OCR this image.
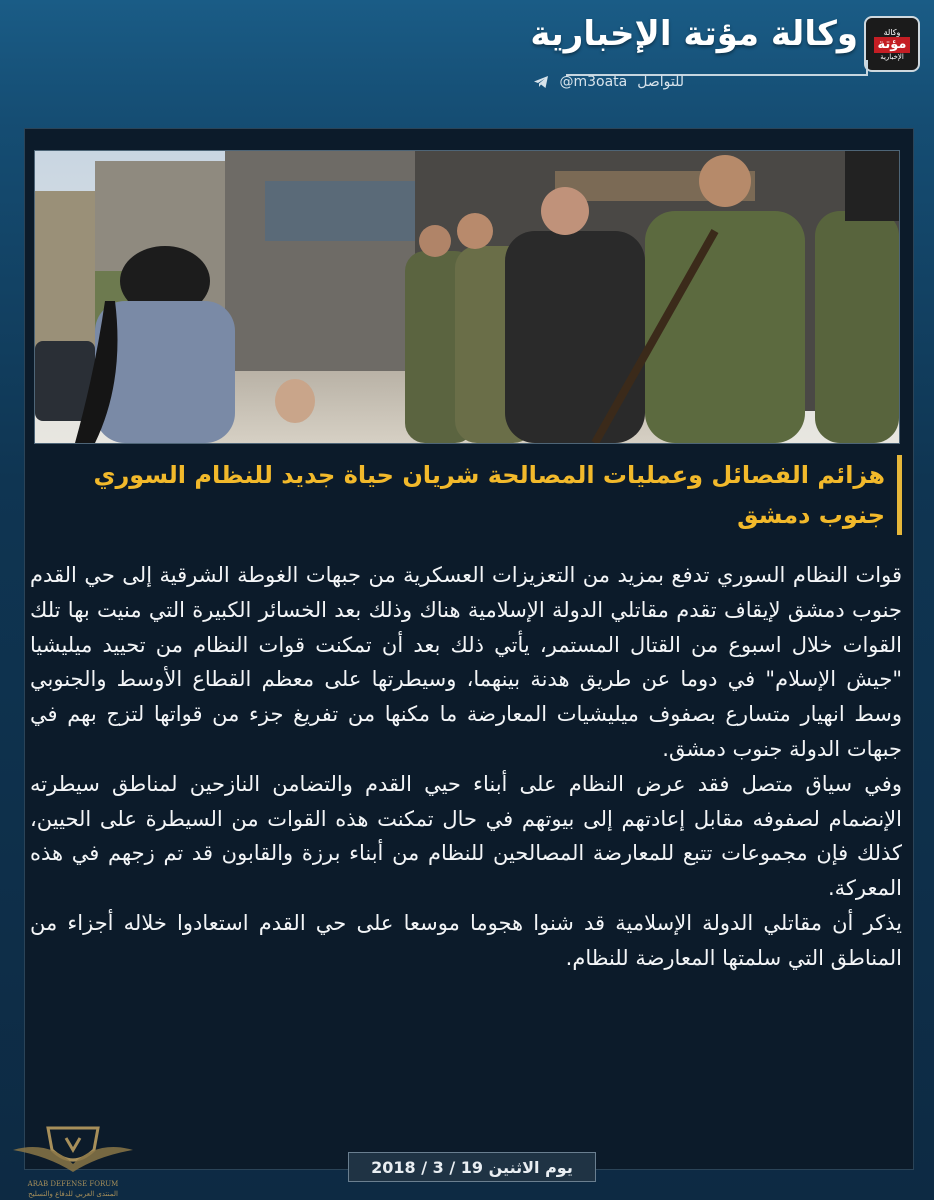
وكالة
مؤتة
الإخبارية
وكالة مؤتة الإخبارية
للتواصل
@m3oata
هزائم الفصائل وعمليات المصالحة شريان حياة جديد للنظام السوري جنوب دمشق

قوات النظام السوري تدفع بمزيد من التعزيزات العسكرية من جبهات الغوطة الشرقية إلى حي القدم جنوب دمشق لإيقاف تقدم مقاتلي الدولة الإسلامية هناك وذلك بعد الخسائر الكبيرة التي منيت بها تلك القوات خلال اسبوع من القتال المستمر، يأتي ذلك بعد أن تمكنت قوات النظام من تحييد ميليشيا "جيش الإسلام" في دوما عن طريق هدنة بينهما، وسيطرتها على معظم القطاع الأوسط والجنوبي وسط انهيار متسارع بصفوف ميليشيات المعارضة ما مكنها من تفريغ جزء من قواتها لتزج بهم في جبهات الدولة جنوب دمشق.

وفي سياق متصل فقد عرض النظام على أبناء حيي القدم والتضامن النازحين لمناطق سيطرته الإنضمام لصفوفه مقابل إعادتهم إلى بيوتهم في حال تمكنت هذه القوات من السيطرة على الحيين، كذلك فإن مجموعات تتبع للمعارضة المصالحين للنظام من أبناء برزة والقابون قد تم زجهم في هذه المعركة.

يذكر أن مقاتلي الدولة الإسلامية قد شنوا هجوما موسعا على حي القدم استعادوا خلاله أجزاء من المناطق التي سلمتها المعارضة للنظام.

يوم الاثنين 19 / 3 / 2018
ARAB DEFENSE FORUM
المنتدى العربي للدفاع والتسليح
